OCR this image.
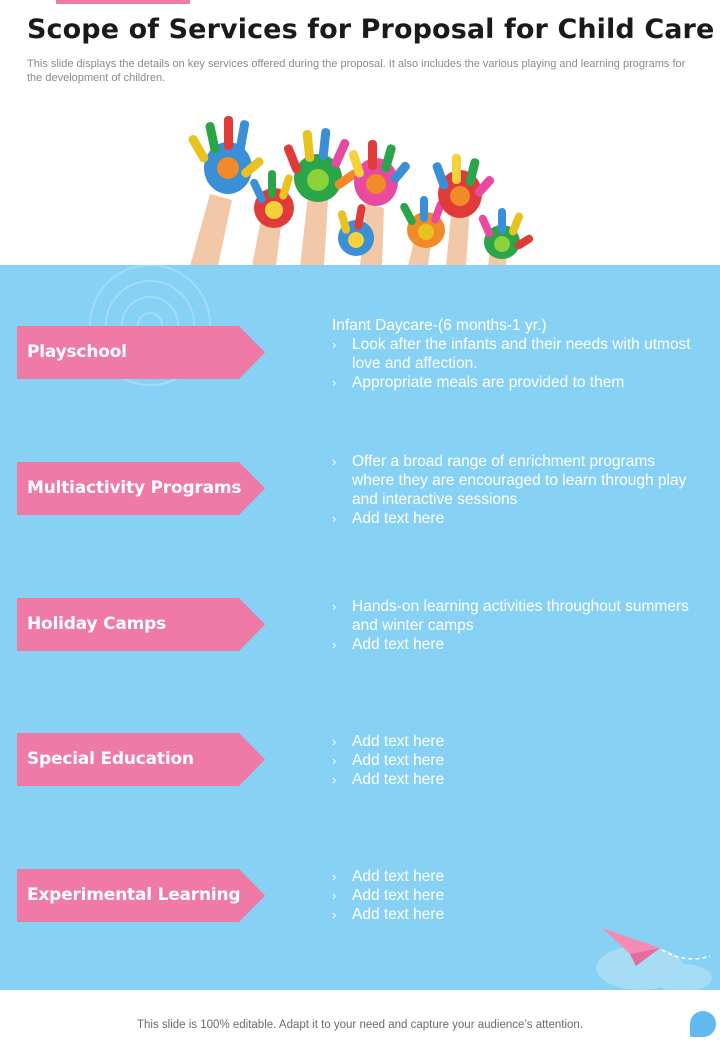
Scope of Services for Proposal for Child Care

This slide displays the details on key services offered during the proposal. It also includes the various playing and learning programs for the development of children.

Playschool
Infant Daycare-(6 months-1 yr.)
› Look after the infants and their needs with utmost love and affection.
› Appropriate meals are provided to them
Multiactivity Programs
› Offer a broad range of enrichment programs where they are encouraged to learn through play and interactive sessions
› Add text here
Holiday Camps
› Hands-on learning activities throughout summers and winter camps
› Add text here
Special Education
› Add text here
› Add text here
› Add text here
Experimental Learning
› Add text here
› Add text here
› Add text here

This slide is 100% editable. Adapt it to your need and capture your audience’s attention.
